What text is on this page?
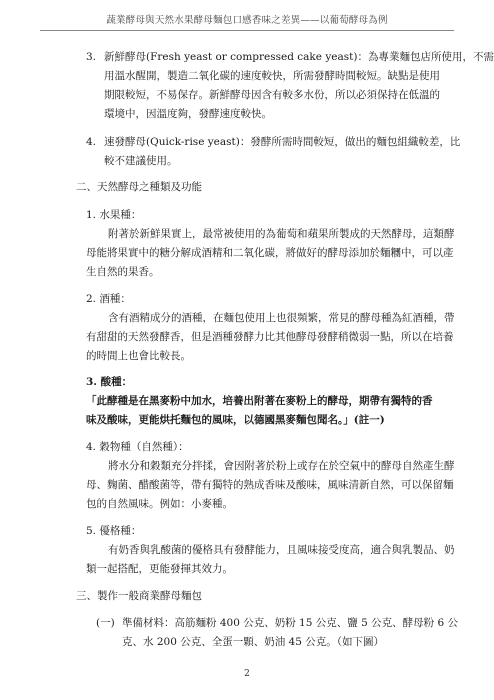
蔬業酵母與天然水果酵母麵包口感香味之差異——以葡萄酵母為例
3. 新鮮酵母(Fresh yeast or compressed cake yeast)：為專業麵包店所使用，不需
用溫水醒開，製造二氧化碳的速度較快，所需發酵時間較短。缺點是使用
期限較短，不易保存。新鮮酵母因含有較多水份，所以必須保持在低溫的
環境中，因溫度夠，發酵速度較快。
4. 速發酵母(Quick-rise yeast)：發酵所需時間較短，做出的麵包組織較差，比
較不建議使用。
二、天然酵母之種類及功能
1. 水果種：
附著於新鮮果實上，最常被使用的為葡萄和蘋果所製成的天然酵母，這類酵
母能將果實中的糖分解成酒精和二氧化碳，將做好的酵母添加於麵糰中，可以產
生自然的果香。
2. 酒種：
含有酒精成分的酒種，在麵包使用上也很頻繁，常見的酵母種為紅酒種，帶
有甜甜的天然發酵香，但是酒種發酵力比其他酵母發酵稍微弱一點，所以在培養
的時間上也會比較長。
3. 酸種：
「此酵種是在黑麥粉中加水，培養出附著在麥粉上的酵母，期帶有獨特的香
味及酸味，更能烘托麵包的風味，以德國黑麥麵包聞名。」(註一)
4. 穀物種（自然種）：
將水分和穀類充分拌揉，會因附著於粉上或存在於空氣中的酵母自然產生酵
母、麴菌、醋酸菌等，帶有獨特的熟成香味及酸味，風味清新自然，可以保留麵
包的自然風味。例如：小麥種。
5. 優格種：
有奶香與乳酸菌的優格具有發酵能力，且風味接受度高，適合與乳製品、奶
類一起搭配，更能發揮其效力。
三、製作一般商業酵母麵包
(一) 準備材料：高筋麵粉 400 公克、奶粉 15 公克、鹽 5 公克、酵母粉 6 公
克、水 200 公克、全蛋一顆、奶油 45 公克。（如下圖）
2
